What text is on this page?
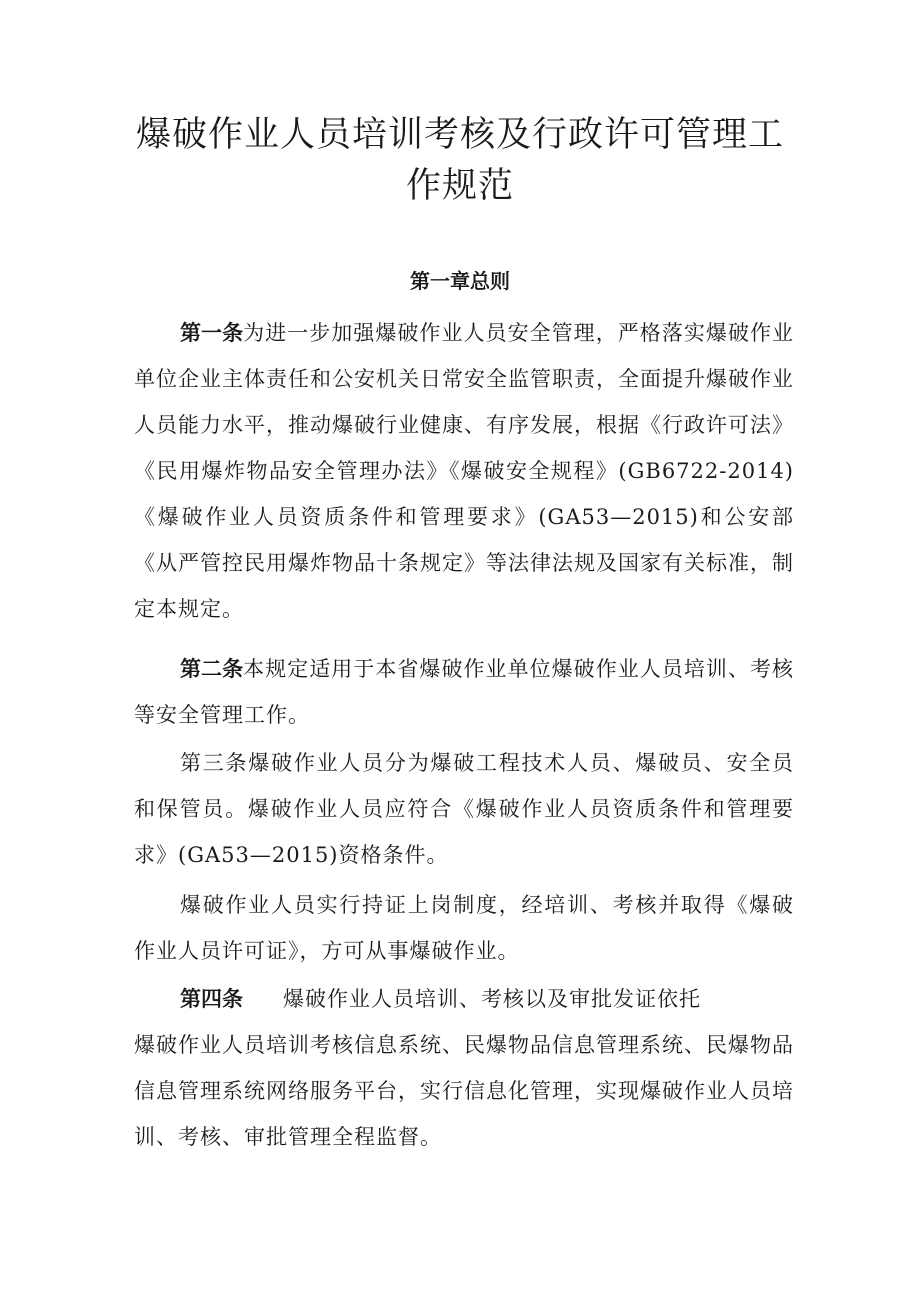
爆破作业人员培训考核及行政许可管理工
作规范
第一章总则

第一条为进一步加强爆破作业人员安全管理，严格落实爆破作业单位企业主体责任和公安机关日常安全监管职责，全面提升爆破作业人员能力水平，推动爆破行业健康、有序发展，根据《行政许可法》《民用爆炸物品安全管理办法》《爆破安全规程》(GB6722-2014)《爆破作业人员资质条件和管理要求》(GA53—2015)和公安部《从严管控民用爆炸物品十条规定》等法律法规及国家有关标准，制定本规定。

第二条本规定适用于本省爆破作业单位爆破作业人员培训、考核等安全管理工作。

第三条爆破作业人员分为爆破工程技术人员、爆破员、安全员和保管员。爆破作业人员应符合《爆破作业人员资质条件和管理要求》(GA53—2015)资格条件。

爆破作业人员实行持证上岗制度，经培训、考核并取得《爆破作业人员许可证》，方可从事爆破作业。

第四条 爆破作业人员培训、考核以及审批发证依托

爆破作业人员培训考核信息系统、民爆物品信息管理系统、民爆物品信息管理系统网络服务平台，实行信息化管理，实现爆破作业人员培训、考核、审批管理全程监督。
